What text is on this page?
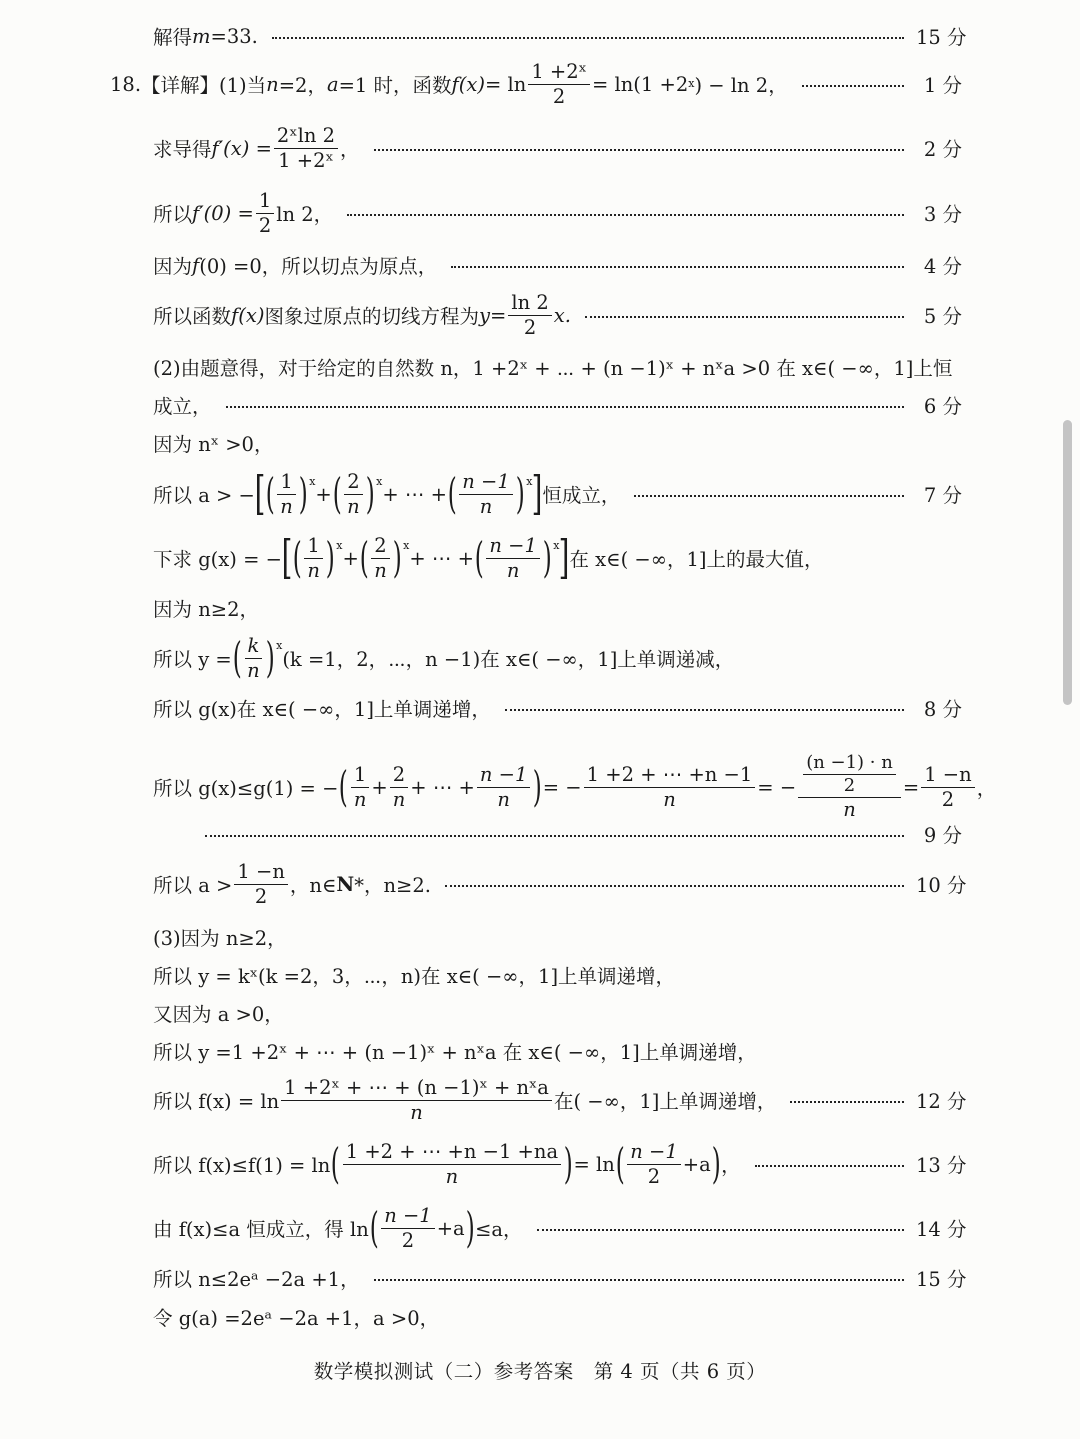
解得 m =33.	15 分
18. 【详解】(1)当 n =2， a =1 时，函数 $f(x) = \ln \frac{\text{1 +2ˣ}}{2} = \ln(1 +2$ x ) − ln 2，	1 分
求导得 $f'(x) = \frac{\text{2ˣln 2}}{\text{1 +2ˣ}}$ ，	2 分
所以 $f'(0) = \frac{1}{2}$ ln 2，	3 分
因为 f (0) =0，所以切点为原点，	4 分
所以函数 f(x) 图象过原点的切线方程为 $y = \frac{\ln 2}{2} x$.	5 分
(2)由题意得，对于给定的自然数 n，1 +2ˣ + ⋯ + (n −1)ˣ + nˣa >0 在 x∈( −∞，1]上恒
成立，	6 分
因为 nˣ >0，
所以 a > − [ ( $\frac{1}{n}$ ) x
+ ( $\frac{2}{n}$ ) x
+ ⋯ + ( $\frac{n -1}{n}$ ) x ] 恒成立，	7 分
下求 g(x) = − [ ( $\frac{1}{n}$ ) x
+ ( $\frac{2}{n}$ ) x
+ ⋯ + ( $\frac{n -1}{n}$ ) x ] 在 x∈( −∞，1]上的最大值，
因为 n≥2，
所以 y = ( $\frac{k}{n}$ ) x
(k =1，2，⋯，n −1)在 x∈( −∞，1]上单调递减，
所以 g(x)在 x∈( −∞，1]上单调递增，	8 分
所以 g(x)≤g(1) = − ( $\frac{1}{n} + \frac{2}{n}$ + ⋯ + $\frac{n -1}{n}$ ) = − $\frac{1 +2 + \cdots +n -1}{n}$ = − $\frac{\frac{(n -1) \cdot n}{2}}{n} = \frac{1 -n}{2}$ ，
9 分
所以 $a > \frac{1 -n}{2}$ ，n∈ N *，n≥2.	10 分
(3)因为 n≥2，
所以 y = kˣ(k =2，3，⋯，n)在 x∈( −∞，1]上单调递增，
又因为 a >0，
所以 y =1 +2ˣ + ⋯ + (n −1)ˣ + nˣa 在 x∈( −∞，1]上单调递增，
所以 $f(x) = \ln \frac{\text{1 +2ˣ + ⋯ + (n −1)ˣ + nˣa}}{n}$ 在( −∞，1]上单调递增，	12 分
所以 f(x)≤f(1) = ln ( $\frac{1 +2 + \cdots +n -1 +na}{n}$ ) = ln ( $\frac{n -1}{2} +a$ ) ，	13 分
由 f(x)≤a 恒成立，得 ln ( $\frac{n -1}{2} +a$ ) ≤a，	14 分
所以 n≤2eᵃ −2a +1，	15 分
令 g(a) =2eᵃ −2a +1，a >0，
数学模拟测试（二）参考答案　第 4 页（共 6 页）
